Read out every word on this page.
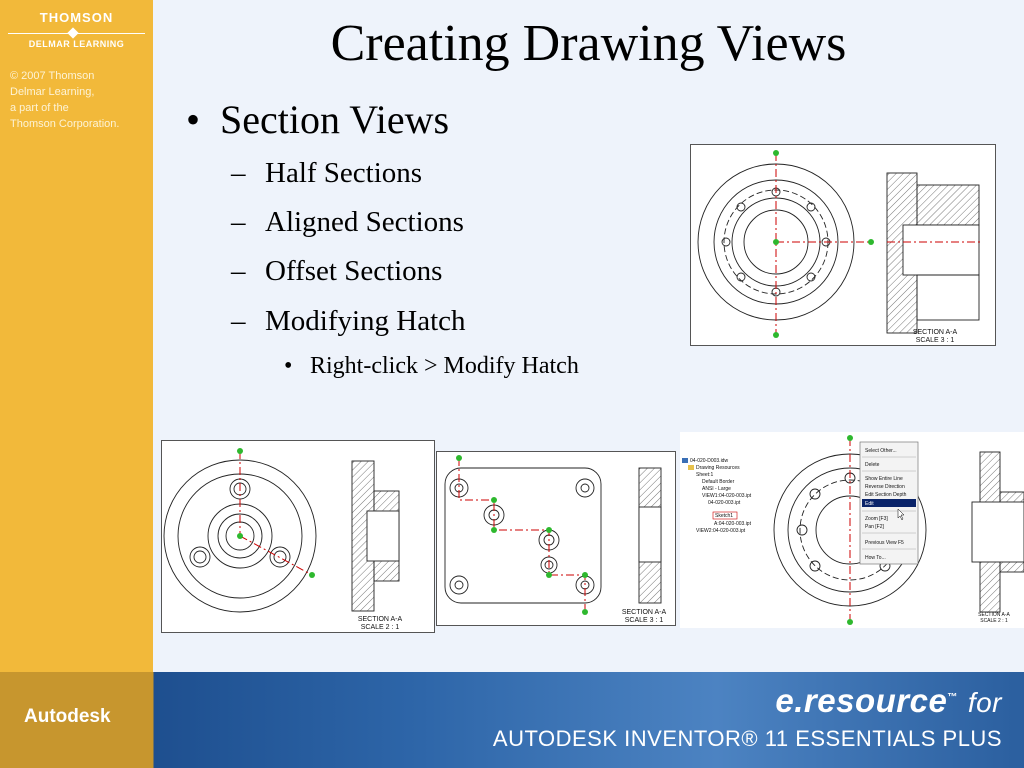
THOMSON
DELMAR LEARNING
© 2007 Thomson
Delmar Learning,
a part of the
Thomson Corporation.
Creating Drawing Views
• Section Views
– Half Sections
– Aligned Sections
– Offset Sections
– Modifying Hatch
• Right-click > Modify Hatch
SECTION A-A
SCALE 3 : 1
SECTION A-A
SCALE 2 : 1
SECTION A-A
SCALE 3 : 1
04-020-D003.idw
Drawing Resources
Sheet:1
Default Border
ANSI - Large
VIEW1:04-020-003.ipt
04-020-003.ipt
Sketch1
A:04-020-003.ipt
VIEW2:04-020-003.ipt
Select Other...
Delete
Show Entire Line
Reverse Direction
Edit Section Depth
Edit
Zoom [F3]
Pan [F2]
Previous View F5
How To...
SECTION A-A
SCALE 2 : 1
Autodesk	e.resource™ for
AUTODESK INVENTOR® 11 ESSENTIALS PLUS
